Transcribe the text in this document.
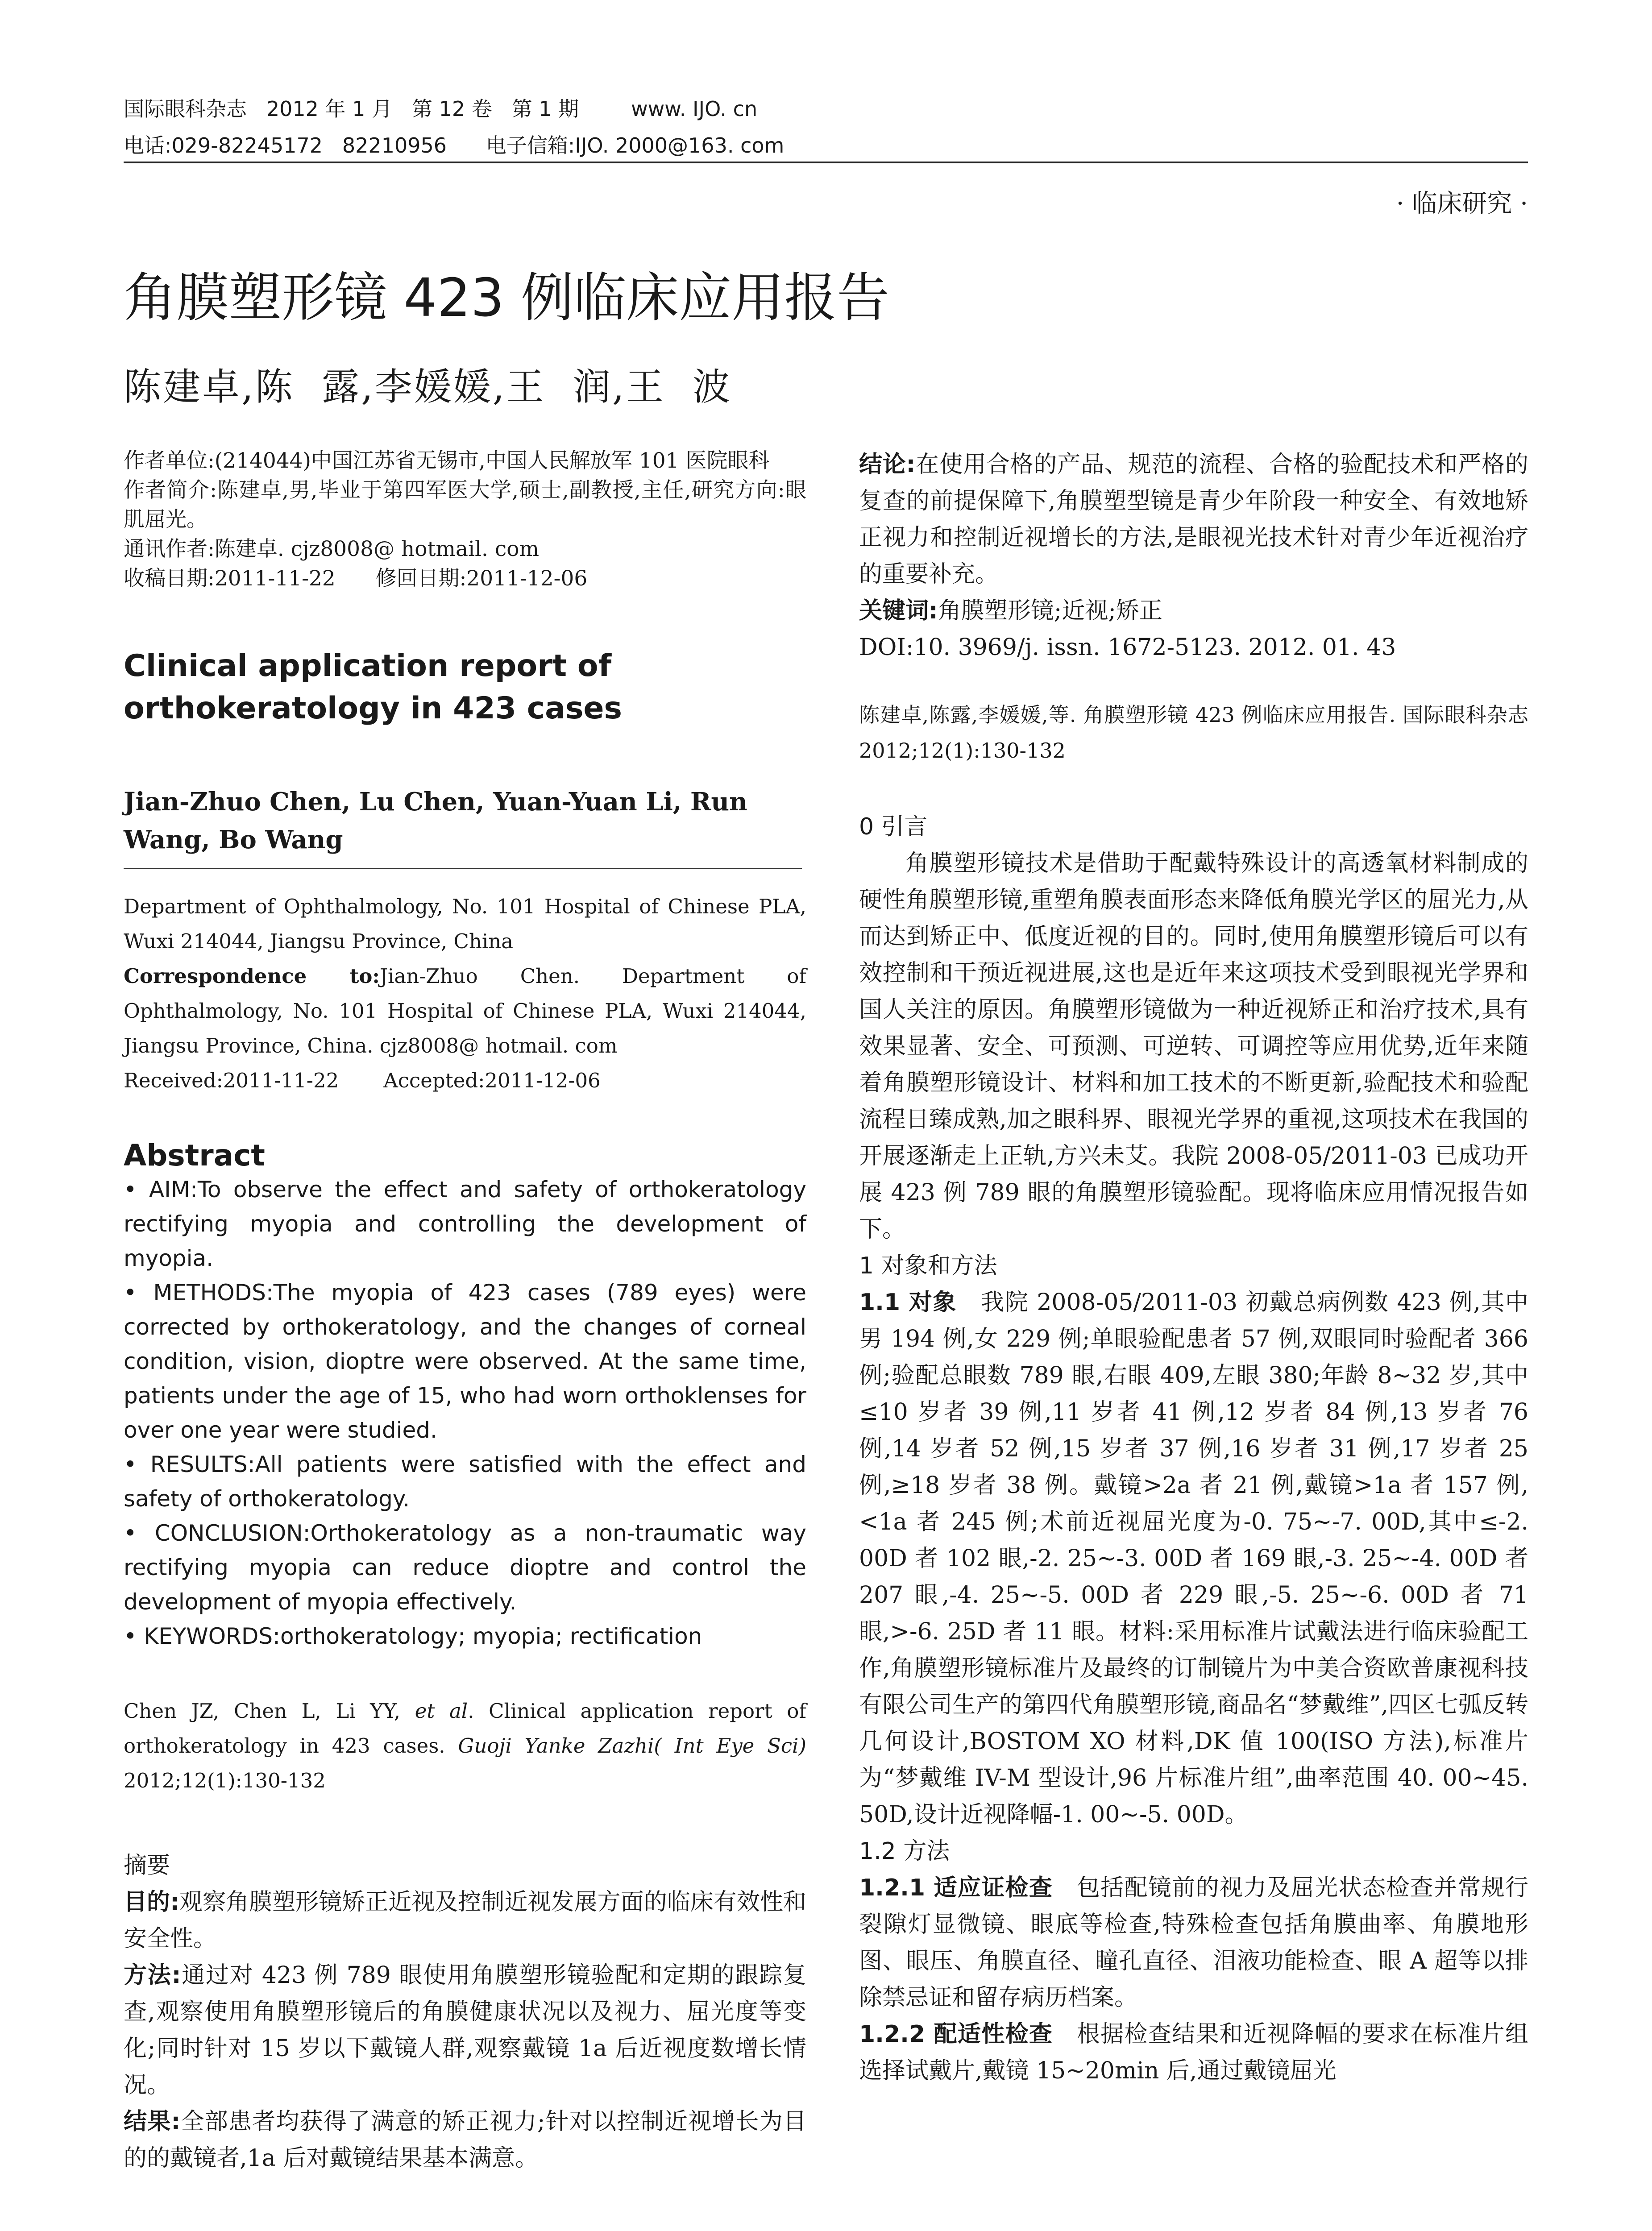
国际眼科杂志   2012 年 1 月   第 12 卷   第 1 期        www. IJO. cn
电话:029-82245172   82210956      电子信箱:IJO. 2000@163. com
· 临床研究 ·
角膜塑形镜 423 例临床应用报告
陈建卓,陈  露,李媛媛,王  润,王  波

作者单位:(214044)中国江苏省无锡市,中国人民解放军 101 医院眼科

作者简介:陈建卓,男,毕业于第四军医大学,硕士,副教授,主任,研究方向:眼肌屈光。

通讯作者:陈建卓. cjz8008@ hotmail. com

收稿日期:2011-11-22      修回日期:2011-12-06

Clinical application report of orthokeratology in 423 cases

Jian-Zhuo Chen, Lu Chen, Yuan-Yuan Li, Run Wang, Bo Wang

Department of Ophthalmology, No. 101 Hospital of Chinese PLA, Wuxi 214044, Jiangsu Province, China

Correspondence to:Jian-Zhuo Chen. Department of Ophthalmology, No. 101 Hospital of Chinese PLA, Wuxi 214044, Jiangsu Province, China. cjz8008@ hotmail. com

Received:2011-11-22       Accepted:2011-12-06

Abstract

• AIM:To observe the effect and safety of orthokeratology rectifying myopia and controlling the development of myopia.

• METHODS:The myopia of 423 cases (789 eyes) were corrected by orthokeratology, and the changes of corneal condition, vision, dioptre were observed. At the same time, patients under the age of 15, who had worn orthoklenses for over one year were studied.

• RESULTS:All patients were satisfied with the effect and safety of orthokeratology.

• CONCLUSION:Orthokeratology as a non-traumatic way rectifying myopia can reduce dioptre and control the development of myopia effectively.

• KEYWORDS:orthokeratology; myopia; rectification

Chen JZ, Chen L, Li YY, et al. Clinical application report of orthokeratology in 423 cases. Guoji Yanke Zazhi( Int Eye Sci) 2012;12(1):130-132

摘要

目的:观察角膜塑形镜矫正近视及控制近视发展方面的临床有效性和安全性。

方法:通过对 423 例 789 眼使用角膜塑形镜验配和定期的跟踪复查,观察使用角膜塑形镜后的角膜健康状况以及视力、屈光度等变化;同时针对 15 岁以下戴镜人群,观察戴镜 1a 后近视度数增长情况。

结果:全部患者均获得了满意的矫正视力;针对以控制近视增长为目的的戴镜者,1a 后对戴镜结果基本满意。

结论:在使用合格的产品、规范的流程、合格的验配技术和严格的复查的前提保障下,角膜塑型镜是青少年阶段一种安全、有效地矫正视力和控制近视增长的方法,是眼视光技术针对青少年近视治疗的重要补充。

关键词:角膜塑形镜;近视;矫正

DOI:10. 3969/j. issn. 1672-5123. 2012. 01. 43

陈建卓,陈露,李媛媛,等. 角膜塑形镜 423 例临床应用报告. 国际眼科杂志 2012;12(1):130-132

0 引言

角膜塑形镜技术是借助于配戴特殊设计的高透氧材料制成的硬性角膜塑形镜,重塑角膜表面形态来降低角膜光学区的屈光力,从而达到矫正中、低度近视的目的。同时,使用角膜塑形镜后可以有效控制和干预近视进展,这也是近年来这项技术受到眼视光学界和国人关注的原因。角膜塑形镜做为一种近视矫正和治疗技术,具有效果显著、安全、可预测、可逆转、可调控等应用优势,近年来随着角膜塑形镜设计、材料和加工技术的不断更新,验配技术和验配流程日臻成熟,加之眼科界、眼视光学界的重视,这项技术在我国的开展逐渐走上正轨,方兴未艾。我院 2008-05/2011-03 已成功开展 423 例 789 眼的角膜塑形镜验配。现将临床应用情况报告如下。

1 对象和方法

1.1 对象 我院 2008-05/2011-03 初戴总病例数 423 例,其中男 194 例,女 229 例;单眼验配患者 57 例,双眼同时验配者 366 例;验配总眼数 789 眼,右眼 409,左眼 380;年龄 8~32 岁,其中≤10 岁者 39 例,11 岁者 41 例,12 岁者 84 例,13 岁者 76 例,14 岁者 52 例,15 岁者 37 例,16 岁者 31 例,17 岁者 25 例,≥18 岁者 38 例。戴镜>2a 者 21 例,戴镜>1a 者 157 例,<1a 者 245 例;术前近视屈光度为-0. 75~-7. 00D,其中≤-2. 00D 者 102 眼,-2. 25~-3. 00D 者 169 眼,-3. 25~-4. 00D 者 207 眼,-4. 25~-5. 00D 者 229 眼,-5. 25~-6. 00D 者 71 眼,>-6. 25D 者 11 眼。材料:采用标准片试戴法进行临床验配工作,角膜塑形镜标准片及最终的订制镜片为中美合资欧普康视科技有限公司生产的第四代角膜塑形镜,商品名“梦戴维”,四区七弧反转几何设计,BOSTOM XO 材料,DK 值 100(ISO 方法),标准片为“梦戴维 IV-M 型设计,96 片标准片组”,曲率范围 40. 00~45. 50D,设计近视降幅-1. 00~-5. 00D。

1.2 方法

1.2.1 适应证检查 包括配镜前的视力及屈光状态检查并常规行裂隙灯显微镜、眼底等检查,特殊检查包括角膜曲率、角膜地形图、眼压、角膜直径、瞳孔直径、泪液功能检查、眼 A 超等以排除禁忌证和留存病历档案。

1.2.2 配适性检查 根据检查结果和近视降幅的要求在标准片组选择试戴片,戴镜 15~20min 后,通过戴镜屈光
